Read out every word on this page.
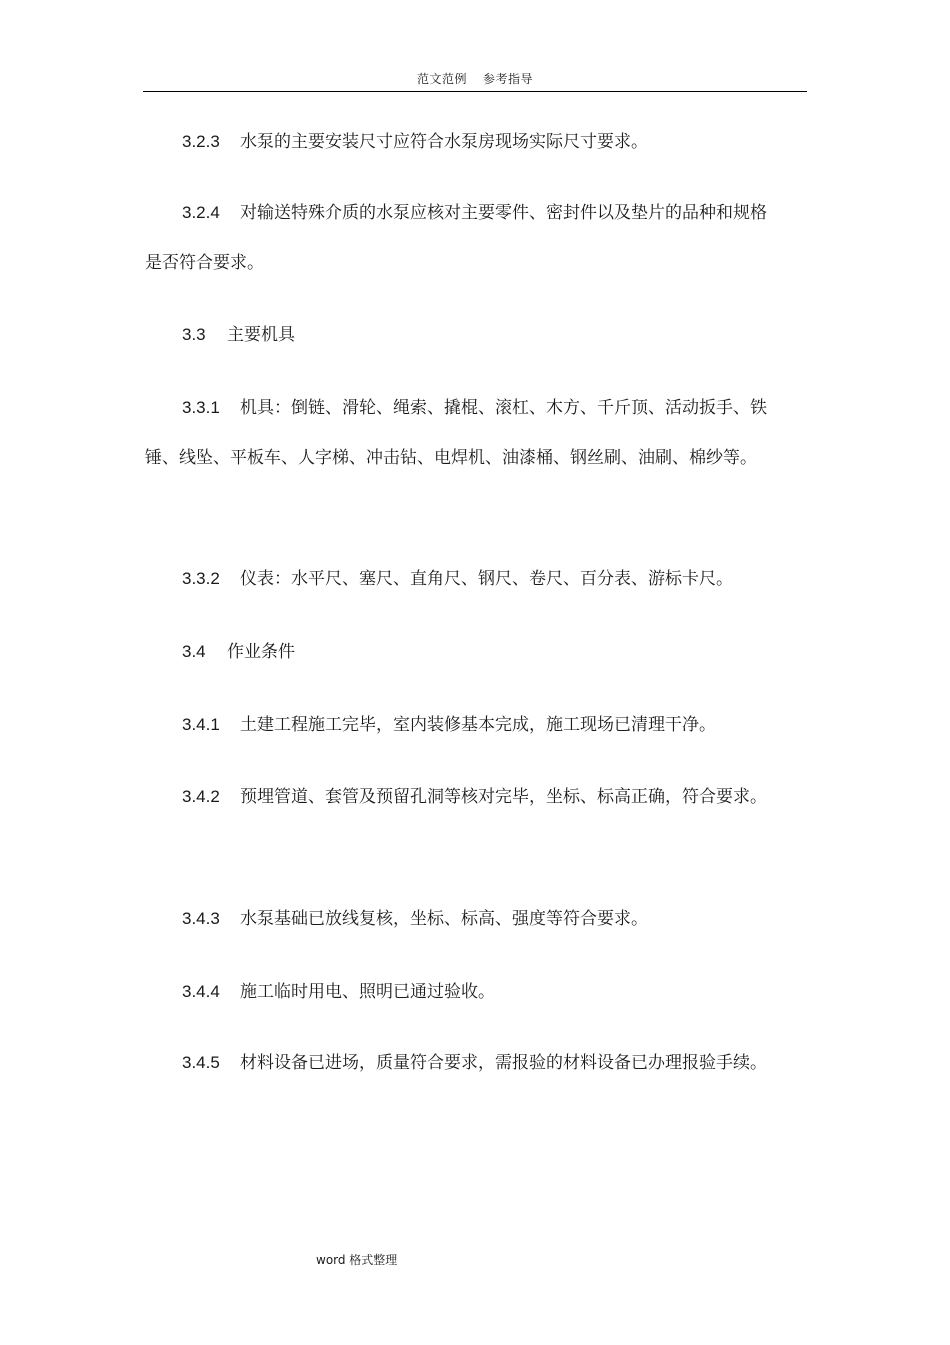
范文范例 参考指导

3.2.3 水泵的主要安装尺寸应符合水泵房现场实际尺寸要求。

3.2.4 对输送特殊介质的水泵应核对主要零件、密封件以及垫片的品种和规格是否符合要求。

3.3 主要机具

3.3.1 机具：倒链、滑轮、绳索、撬棍、滚杠、木方、千斤顶、活动扳手、铁锤、线坠、平板车、人字梯、冲击钻、电焊机、油漆桶、钢丝刷、油刷、棉纱等。

3.3.2 仪表：水平尺、塞尺、直角尺、钢尺、卷尺、百分表、游标卡尺。

3.4 作业条件

3.4.1 土建工程施工完毕，室内装修基本完成，施工现场已清理干净。

3.4.2 预埋管道、套管及预留孔洞等核对完毕，坐标、标高正确，符合要求。

3.4.3 水泵基础已放线复核，坐标、标高、强度等符合要求。

3.4.4 施工临时用电、照明已通过验收。

3.4.5 材料设备已进场，质量符合要求，需报验的材料设备已办理报验手续。

word 格式整理
